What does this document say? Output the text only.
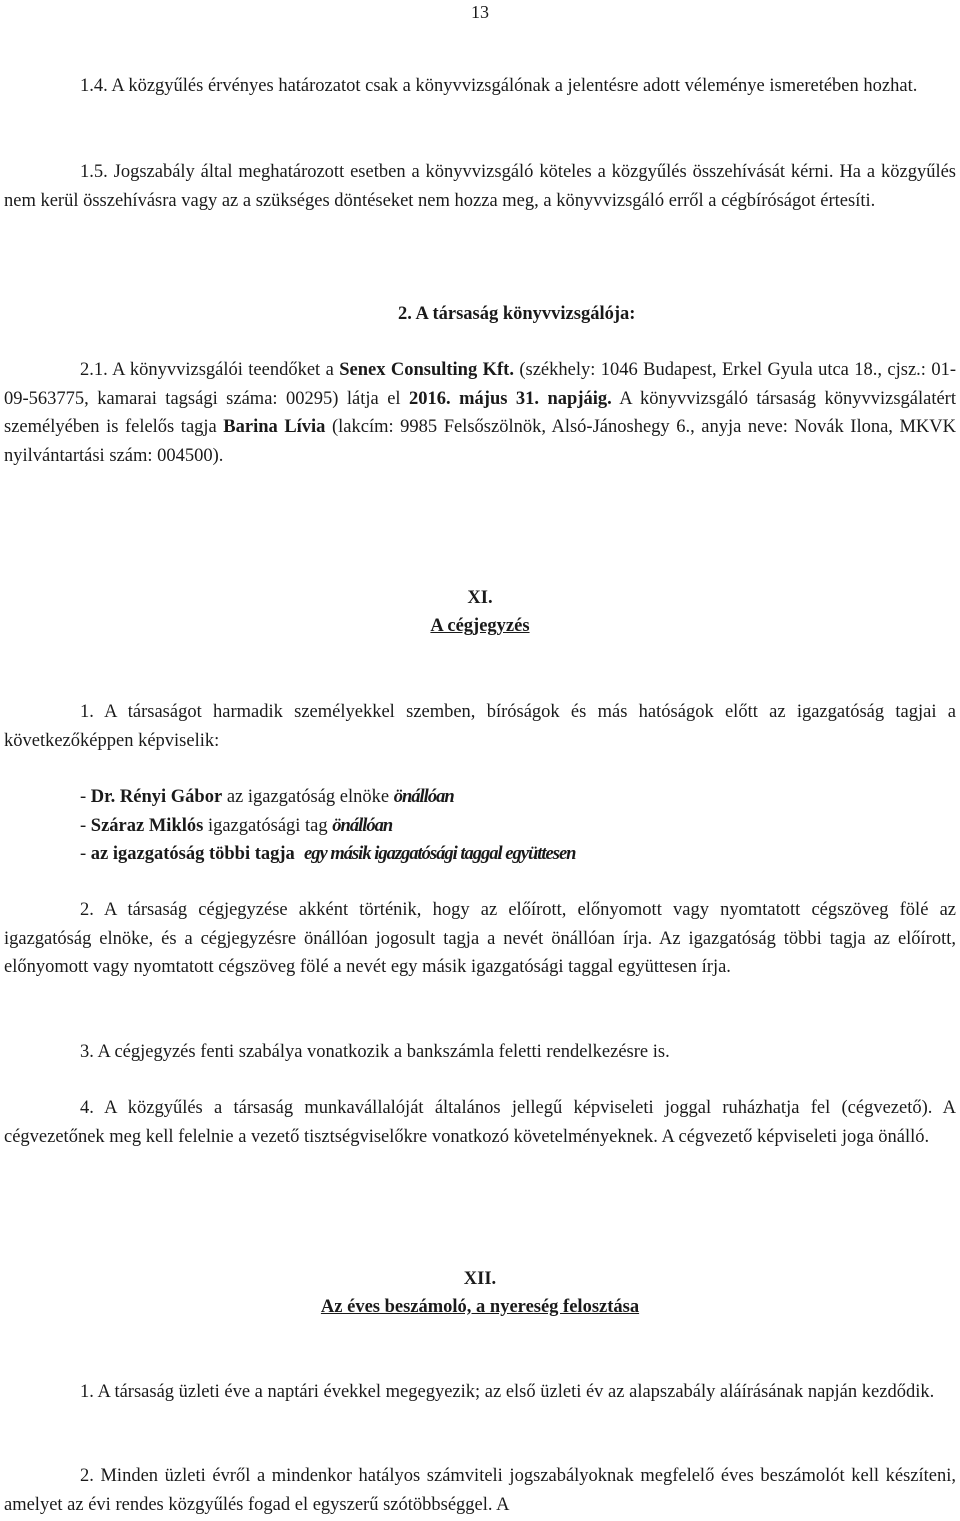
13
1.4. A közgyűlés érvényes határozatot csak a könyvvizsgálónak a jelentésre adott véleménye ismeretében hozhat.
1.5. Jogszabály által meghatározott esetben a könyvvizsgáló köteles a közgyűlés összehívását kérni. Ha a közgyűlés nem kerül összehívásra vagy az a szükséges döntéseket nem hozza meg, a könyvvizsgáló erről a cégbíróságot értesíti.
2. A társaság könyvvizsgálója:
2.1. A könyvvizsgálói teendőket a Senex Consulting Kft. (székhely: 1046 Budapest, Erkel Gyula utca 18., cjsz.: 01-09-563775, kamarai tagsági száma: 00295) látja el 2016. május 31. napjáig. A könyvvizsgáló társaság könyvvizsgálatért személyében is felelős tagja Barina Lívia (lakcím: 9985 Felsőszölnök, Alsó-Jánoshegy 6., anyja neve: Novák Ilona, MKVK nyilvántartási szám: 004500).
XI.
A cégjegyzés
1. A társaságot harmadik személyekkel szemben, bíróságok és más hatóságok előtt az igazgatóság tagjai a következőképpen képviselik:
- Dr. Rényi Gábor az igazgatóság elnöke önállóan
- Száraz Miklós igazgatósági tag önállóan
- az igazgatóság többi tagja egy másik igazgatósági taggal együttesen
2. A társaság cégjegyzése akként történik, hogy az előírott, előnyomott vagy nyomtatott cégszöveg fölé az igazgatóság elnöke, és a cégjegyzésre önállóan jogosult tagja a nevét önállóan írja. Az igazgatóság többi tagja az előírott, előnyomott vagy nyomtatott cégszöveg fölé a nevét egy másik igazgatósági taggal együttesen írja.
3. A cégjegyzés fenti szabálya vonatkozik a bankszámla feletti rendelkezésre is.
4. A közgyűlés a társaság munkavállalóját általános jellegű képviseleti joggal ruházhatja fel (cégvezető). A cégvezetőnek meg kell felelnie a vezető tisztségviselőkre vonatkozó követelményeknek. A cégvezető képviseleti joga önálló.
XII.
Az éves beszámoló, a nyereség felosztása
1. A társaság üzleti éve a naptári évekkel megegyezik; az első üzleti év az alapszabály aláírásának napján kezdődik.
2. Minden üzleti évről a mindenkor hatályos számviteli jogszabályoknak megfelelő éves beszámolót kell készíteni, amelyet az évi rendes közgyűlés fogad el egyszerű szótöbbséggel. A
